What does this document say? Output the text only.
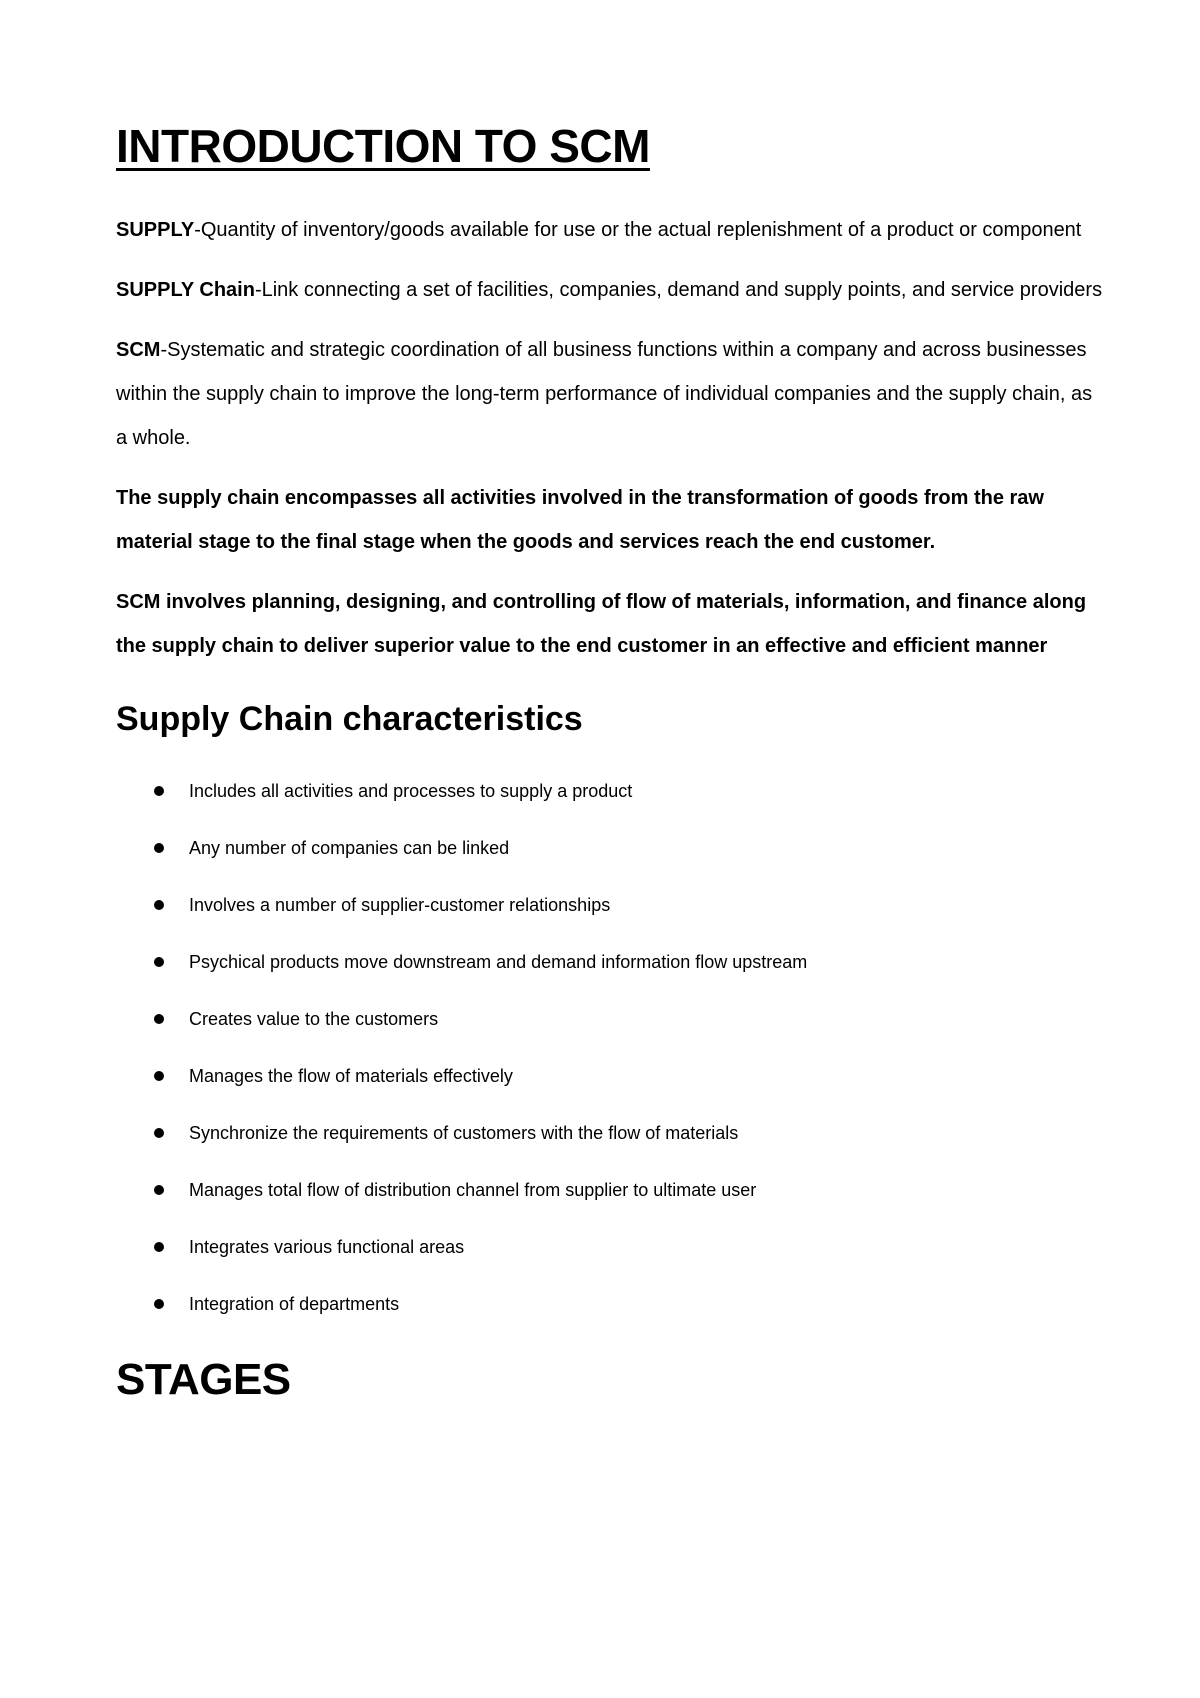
INTRODUCTION TO SCM

SUPPLY-Quantity of inventory/goods available for use or the actual replenishment of a product or component

SUPPLY Chain-Link connecting a set of facilities, companies, demand and supply points, and service providers

SCM-Systematic and strategic coordination of all business functions within a company and across businesses within the supply chain to improve the long-term performance of individual companies and the supply chain, as a whole.

The supply chain encompasses all activities involved in the transformation of goods from the raw material stage to the final stage when the goods and services reach the end customer.

SCM involves planning, designing, and controlling of flow of materials, information, and finance along the supply chain to deliver superior value to the end customer in an effective and efficient manner

Supply Chain characteristics
Includes all activities and processes to supply a product
Any number of companies can be linked
Involves a number of supplier-customer relationships
Psychical products move downstream and demand information flow upstream
Creates value to the customers
Manages the flow of materials effectively
Synchronize the requirements of customers with the flow of materials
Manages total flow of distribution channel from supplier to ultimate user
Integrates various functional areas
Integration of departments
STAGES
